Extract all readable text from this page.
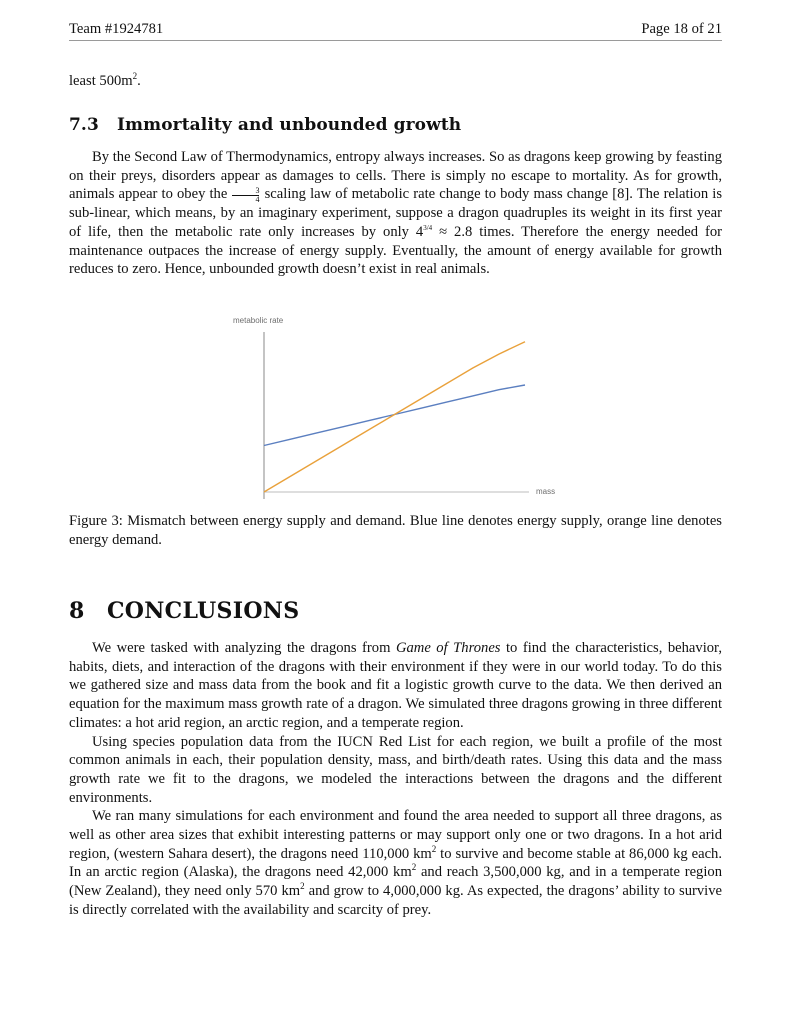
Team #1924781	Page 18 of 21
least $500m^2$.
7.3 Immortality and unbounded growth

By the Second Law of Thermodynamics, entropy always increases. So as dragons keep growing by feasting on their preys, disorders appear as damages to cells. There is simply no escape to mortality. As for growth, animals appear to obey the $\frac{3}{4}$ scaling law of metabolic rate change to body mass change [8]. The relation is sub-linear, which means, by an imaginary experiment, suppose a dragon quadruples its weight in its first year of life, then the metabolic rate only increases by only $4^{3/4} \approx 2.8$ times. Therefore the energy needed for maintenance outpaces the increase of energy supply. Eventually, the amount of energy available for growth reduces to zero. Hence, unbounded growth doesn’t exist in real animals.

metabolic rate
mass

Figure 3: Mismatch between energy supply and demand. Blue line denotes energy supply, orange line denotes energy demand.

8 CONCLUSIONS

We were tasked with analyzing the dragons from Game of Thrones to find the characteristics, behavior, habits, diets, and interaction of the dragons with their environment if they were in our world today. To do this we gathered size and mass data from the book and fit a logistic growth curve to the data. We then derived an equation for the maximum mass growth rate of a dragon. We simulated three dragons growing in three different climates: a hot arid region, an arctic region, and a temperate region.

Using species population data from the IUCN Red List for each region, we built a profile of the most common animals in each, their population density, mass, and birth/death rates. Using this data and the mass growth rate we fit to the dragons, we modeled the interactions between the dragons and the different environments.

We ran many simulations for each environment and found the area needed to support all three dragons, as well as other area sizes that exhibit interesting patterns or may support only one or two dragons. In a hot arid region, (western Sahara desert), the dragons need 110,000 $km^2$ to survive and become stable at 86,000 kg each. In an arctic region (Alaska), the dragons need 42,000 $km^2$ and reach 3,500,000 kg, and in a temperate region (New Zealand), they need only 570 $km^2$ and grow to 4,000,000 kg. As expected, the dragons’ ability to survive is directly correlated with the availability and scarcity of prey.
